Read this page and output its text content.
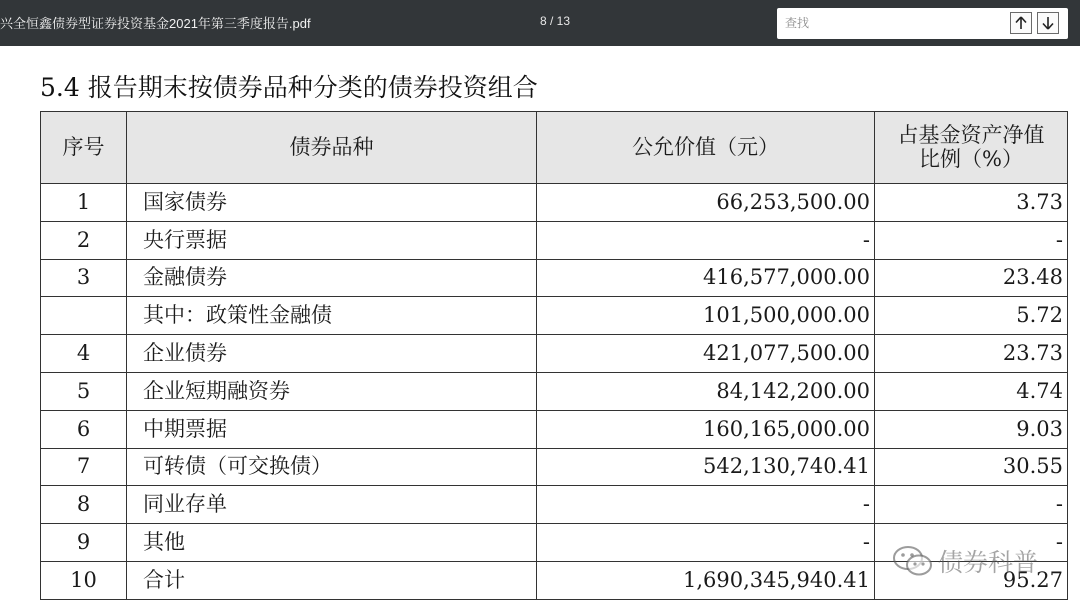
兴全恒鑫债券型证券投资基金2021年第三季度报告.pdf	8 / 13
查找
5.4 报告期末按债券品种分类的债券投资组合
序号	债券品种	公允价值（元）	占基金资产净值
比例（%）
1	国家债券	66,253,500.00	3.73
2	央行票据	-	-
3	金融债券	416,577,000.00	23.48
	其中：政策性金融债	101,500,000.00	5.72
4	企业债券	421,077,500.00	23.73
5	企业短期融资券	84,142,200.00	4.74
6	中期票据	160,165,000.00	9.03
7	可转债（可交换债）	542,130,740.41	30.55
8	同业存单	-	-
9	其他	-	-
10	合计	1,690,345,940.41	95.27
债券科普
